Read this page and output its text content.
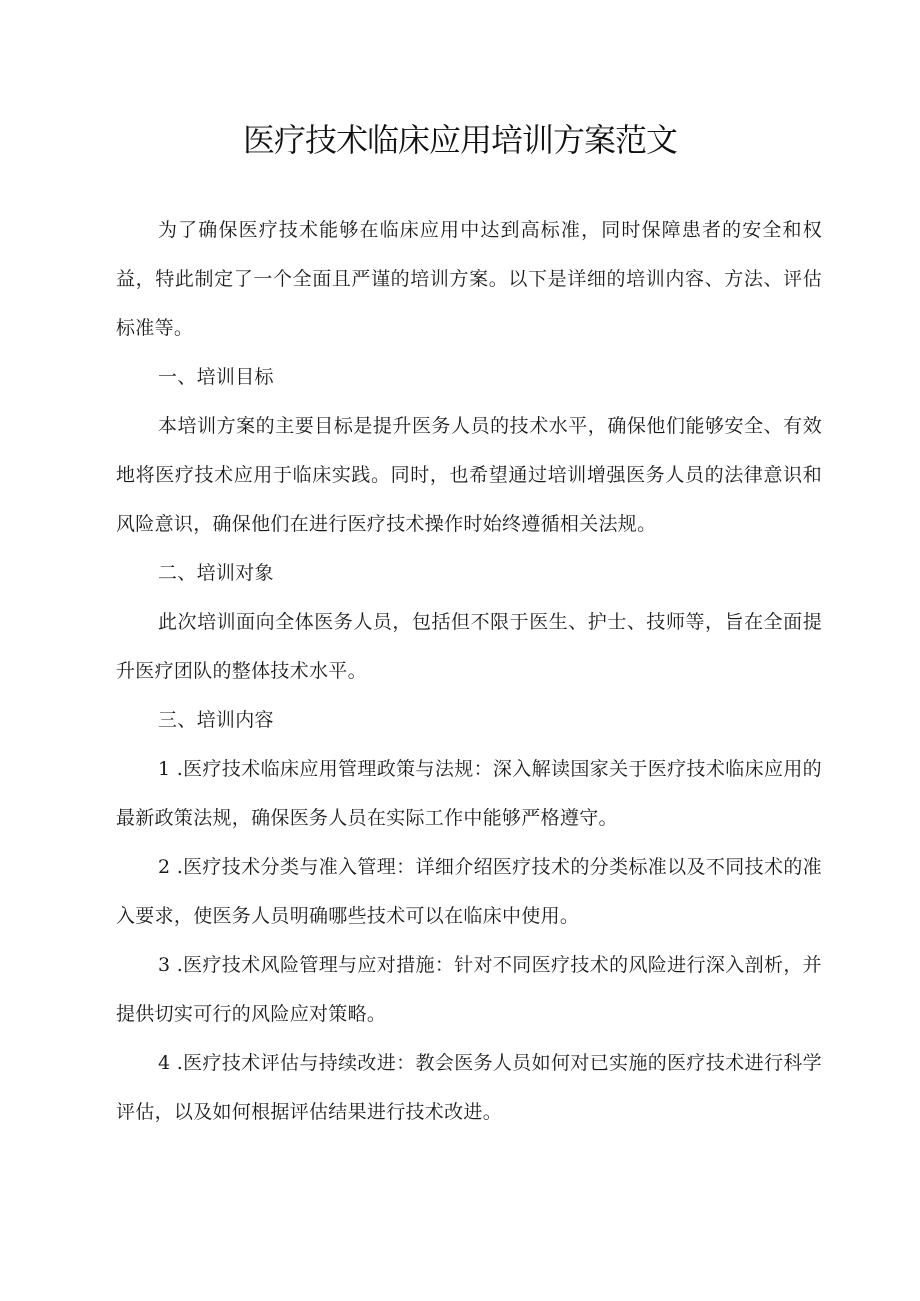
医疗技术临床应用培训方案范文

为了确保医疗技术能够在临床应用中达到高标准，同时保障患者的安全和权益，特此制定了一个全面且严谨的培训方案。以下是详细的培训内容、方法、评估标准等。

一、培训目标

本培训方案的主要目标是提升医务人员的技术水平，确保他们能够安全、有效地将医疗技术应用于临床实践。同时，也希望通过培训增强医务人员的法律意识和风险意识，确保他们在进行医疗技术操作时始终遵循相关法规。

二、培训对象

此次培训面向全体医务人员，包括但不限于医生、护士、技师等，旨在全面提升医疗团队的整体技术水平。

三、培训内容

1 .医疗技术临床应用管理政策与法规：深入解读国家关于医疗技术临床应用的最新政策法规，确保医务人员在实际工作中能够严格遵守。

2 .医疗技术分类与准入管理：详细介绍医疗技术的分类标准以及不同技术的准入要求，使医务人员明确哪些技术可以在临床中使用。

3 .医疗技术风险管理与应对措施：针对不同医疗技术的风险进行深入剖析，并提供切实可行的风险应对策略。

4 .医疗技术评估与持续改进：教会医务人员如何对已实施的医疗技术进行科学评估，以及如何根据评估结果进行技术改进。
